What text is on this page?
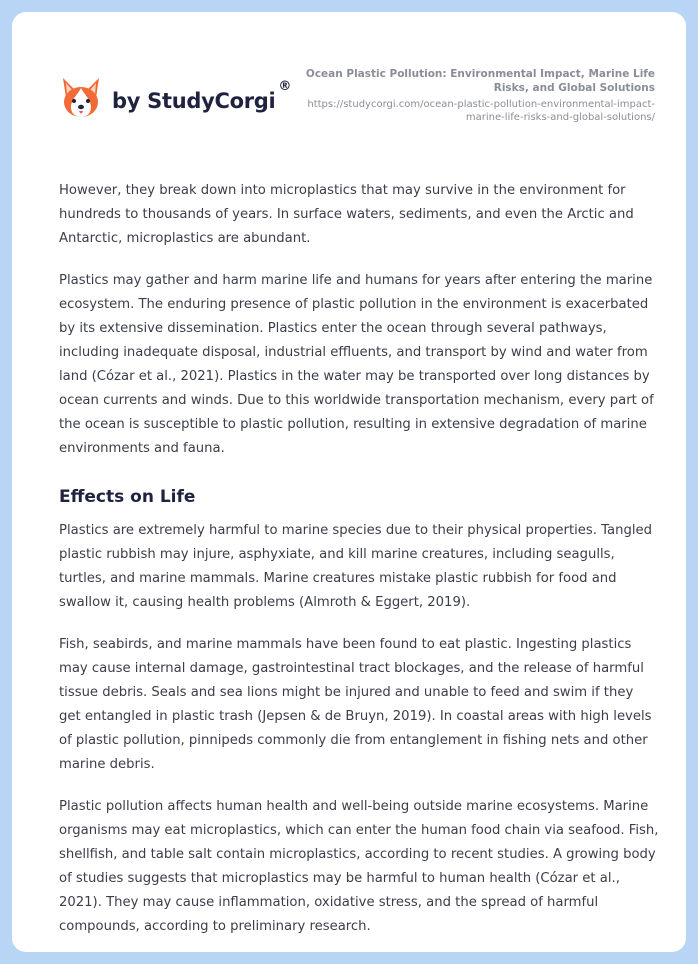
by StudyCorgi
®
Ocean Plastic Pollution: Environmental Impact, Marine Life Risks, and Global Solutions
https://studycorgi.com/ocean-plastic-pollution-environmental-impact-marine-life-risks-and-global-solutions/

However, they break down into microplastics that may survive in the environment for hundreds to thousands of years. In surface waters, sediments, and even the Arctic and Antarctic, microplastics are abundant.

Plastics may gather and harm marine life and humans for years after entering the marine ecosystem. The enduring presence of plastic pollution in the environment is exacerbated by its extensive dissemination. Plastics enter the ocean through several pathways, including inadequate disposal, industrial effluents, and transport by wind and water from land (Cózar et al., 2021). Plastics in the water may be transported over long distances by ocean currents and winds. Due to this worldwide transportation mechanism, every part of the ocean is susceptible to plastic pollution, resulting in extensive degradation of marine environments and fauna.

Effects on Life

Plastics are extremely harmful to marine species due to their physical properties. Tangled plastic rubbish may injure, asphyxiate, and kill marine creatures, including seagulls, turtles, and marine mammals. Marine creatures mistake plastic rubbish for food and swallow it, causing health problems (Almroth & Eggert, 2019).

Fish, seabirds, and marine mammals have been found to eat plastic. Ingesting plastics may cause internal damage, gastrointestinal tract blockages, and the release of harmful tissue debris. Seals and sea lions might be injured and unable to feed and swim if they get entangled in plastic trash (Jepsen & de Bruyn, 2019). In coastal areas with high levels of plastic pollution, pinnipeds commonly die from entanglement in fishing nets and other marine debris.

Plastic pollution affects human health and well-being outside marine ecosystems. Marine organisms may eat microplastics, which can enter the human food chain via seafood. Fish, shellfish, and table salt contain microplastics, according to recent studies. A growing body of studies suggests that microplastics may be harmful to human health (Cózar et al., 2021). They may cause inflammation, oxidative stress, and the spread of harmful compounds, according to preliminary research.
